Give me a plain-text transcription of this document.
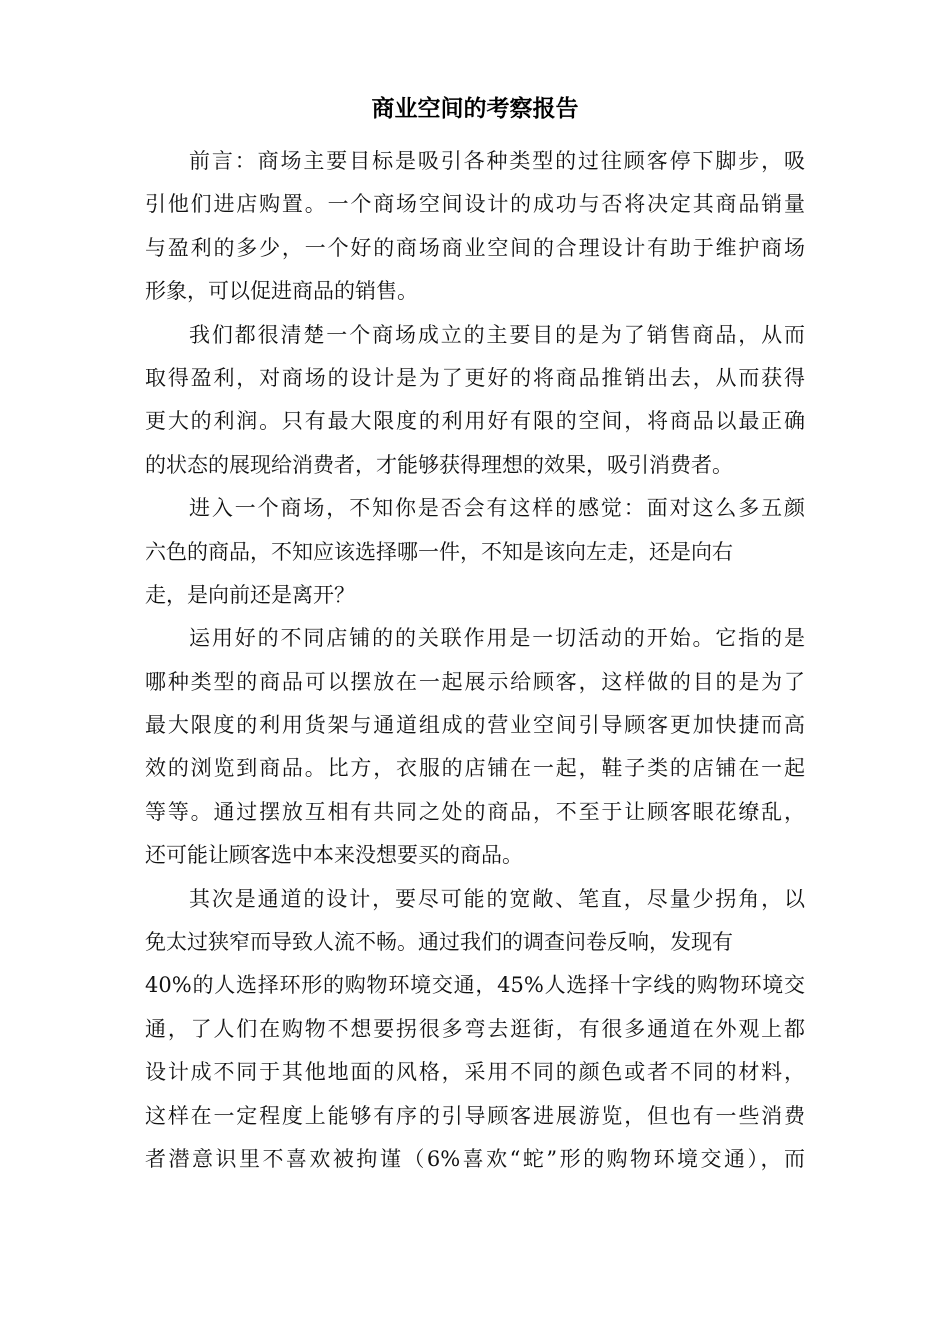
商业空间的考察报告
前言：商场主要目标是吸引各种类型的过往顾客停下脚步，吸
引他们进店购置。一个商场空间设计的成功与否将决定其商品销量
与盈利的多少，一个好的商场商业空间的合理设计有助于维护商场
形象，可以促进商品的销售。
我们都很清楚一个商场成立的主要目的是为了销售商品，从而
取得盈利，对商场的设计是为了更好的将商品推销出去，从而获得
更大的利润。只有最大限度的利用好有限的空间，将商品以最正确
的状态的展现给消费者，才能够获得理想的效果，吸引消费者。
进入一个商场，不知你是否会有这样的感觉：面对这么多五颜
六色的商品，不知应该选择哪一件，不知是该向左走，还是向右
走，是向前还是离开？
运用好的不同店铺的的关联作用是一切活动的开始。它指的是
哪种类型的商品可以摆放在一起展示给顾客，这样做的目的是为了
最大限度的利用货架与通道组成的营业空间引导顾客更加快捷而高
效的浏览到商品。比方，衣服的店铺在一起，鞋子类的店铺在一起
等等。通过摆放互相有共同之处的商品，不至于让顾客眼花缭乱，
还可能让顾客选中本来没想要买的商品。
其次是通道的设计，要尽可能的宽敞、笔直，尽量少拐角，以
免太过狭窄而导致人流不畅。通过我们的调查问卷反响，发现有
40%的人选择环形的购物环境交通，45%人选择十字线的购物环境交
通，了人们在购物不想要拐很多弯去逛街，有很多通道在外观上都
设计成不同于其他地面的风格，采用不同的颜色或者不同的材料，
这样在一定程度上能够有序的引导顾客进展游览，但也有一些消费
者潜意识里不喜欢被拘谨（6%喜欢“蛇”形的购物环境交通），而
